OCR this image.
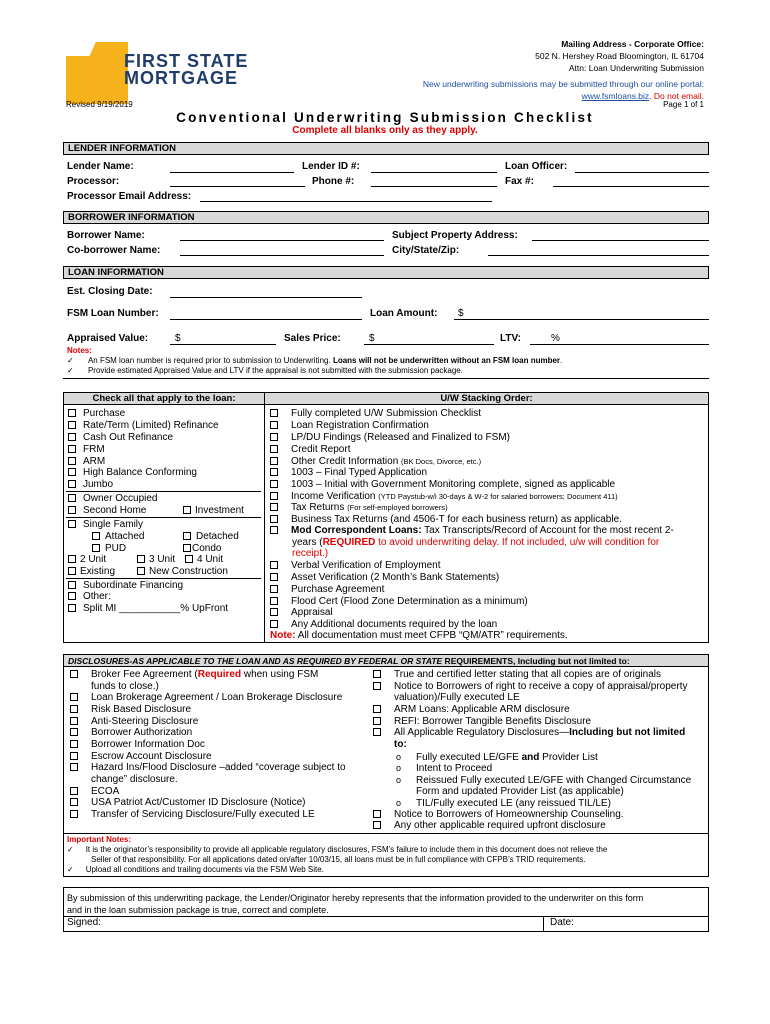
FIRST STATE
MORTGAGE
Mailing Address - Corporate Office:
502 N. Hershey Road Bloomington, IL 61704
Attn: Loan Underwriting Submission
New underwriting submissions may be submitted through our online portal:
www.fsmloans.biz. Do not email.
Revised 9/19/2019	Page 1 of 1
Conventional Underwriting Submission Checklist
Complete all blanks only as they apply.
LENDER INFORMATION
Lender Name:	Lender ID #:	Loan Officer:
Processor:	Phone #:	Fax #:
Processor Email Address:
BORROWER INFORMATION
Borrower Name:	Subject Property Address:
Co-borrower Name:	City/State/Zip:
LOAN INFORMATION
Est. Closing Date:
FSM Loan Number:	Loan Amount: $
Appraised Value:	$	Sales Price:	$	LTV:	%
Notes:
✓ An FSM loan number is required prior to submission to Underwriting. Loans will not be underwritten without an FSM loan number.
✓ Provide estimated Appraised Value and LTV if the appraisal is not submitted with the submission package.
Check all that apply to the loan:	U/W Stacking Order:
Purchase
Rate/Term (Limited) Refinance
Cash Out Refinance
FRM
ARM
High Balance Conforming
Jumbo
Owner Occupied
Second Home	Investment
Single Family
Attached	Detached
PUD	Condo
2 Unit	3 Unit	4 Unit
Existing	New Construction
Subordinate Financing
Other:
Split MI ___________% UpFront
Fully completed U/W Submission Checklist
Loan Registration Confirmation
LP/DU Findings (Released and Finalized to FSM)
Credit Report
Other Credit Information (BK Docs, Divorce, etc.)
1003 – Final Typed Application
1003 – Initial with Government Monitoring complete, signed as applicable
Income Verification (YTD Paystub-w/i 30-days & W-2 for salaried borrowers; Document 411)
Tax Returns (For self-employed borrowers)
Business Tax Returns (and 4506-T for each business return) as applicable.
Mod Correspondent Loans: Tax Transcripts/Record of Account for the most recent 2-
years (REQUIRED to avoid underwriting delay. If not included, u/w will condition for
receipt.)
Verbal Verification of Employment
Asset Verification (2 Month’s Bank Statements)
Purchase Agreement
Flood Cert (Flood Zone Determination as a minimum)
Appraisal
Any Additional documents required by the loan
Note: All documentation must meet CFPB “QM/ATR” requirements.
DISCLOSURES-AS APPLICABLE TO THE LOAN AND AS REQUIRED BY FEDERAL OR STATE REQUIREMENTS, Including but not limited to:
Broker Fee Agreement (Required when using FSM
funds to close.)
Loan Brokerage Agreement / Loan Brokerage Disclosure
Risk Based Disclosure
Anti-Steering Disclosure
Borrower Authorization
Borrower Information Doc
Escrow Account Disclosure
Hazard Ins/Flood Disclosure –added “coverage subject to
change” disclosure.
ECOA
USA Patriot Act/Customer ID Disclosure (Notice)
Transfer of Servicing Disclosure/Fully executed LE
True and certified letter stating that all copies are of originals
Notice to Borrowers of right to receive a copy of appraisal/property
valuation)/Fully executed LE
ARM Loans: Applicable ARM disclosure
REFI: Borrower Tangible Benefits Disclosure
All Applicable Regulatory Disclosures—Including but not limited
to:
o Fully executed LE/GFE and Provider List
o Intent to Proceed
o Reissued Fully executed LE/GFE with Changed Circumstance
Form and updated Provider List (as applicable)
o TIL/Fully executed LE (any reissued TIL/LE)
Notice to Borrowers of Homeownership Counseling.
Any other applicable required upfront disclosure
Important Notes:
✓ It is the originator’s responsibility to provide all applicable regulatory disclosures, FSM’s failure to include them in this document does not relieve the
Seller of that responsibility. For all applications dated on/after 10/03/15, all loans must be in full compliance with CFPB’s TRID requirements.
✓ Upload all conditions and trailing documents via the FSM Web Site.
By submission of this underwriting package, the Lender/Originator hereby represents that the information provided to the underwriter on this form
and in the loan submission package is true, correct and complete.
Signed:	Date:
